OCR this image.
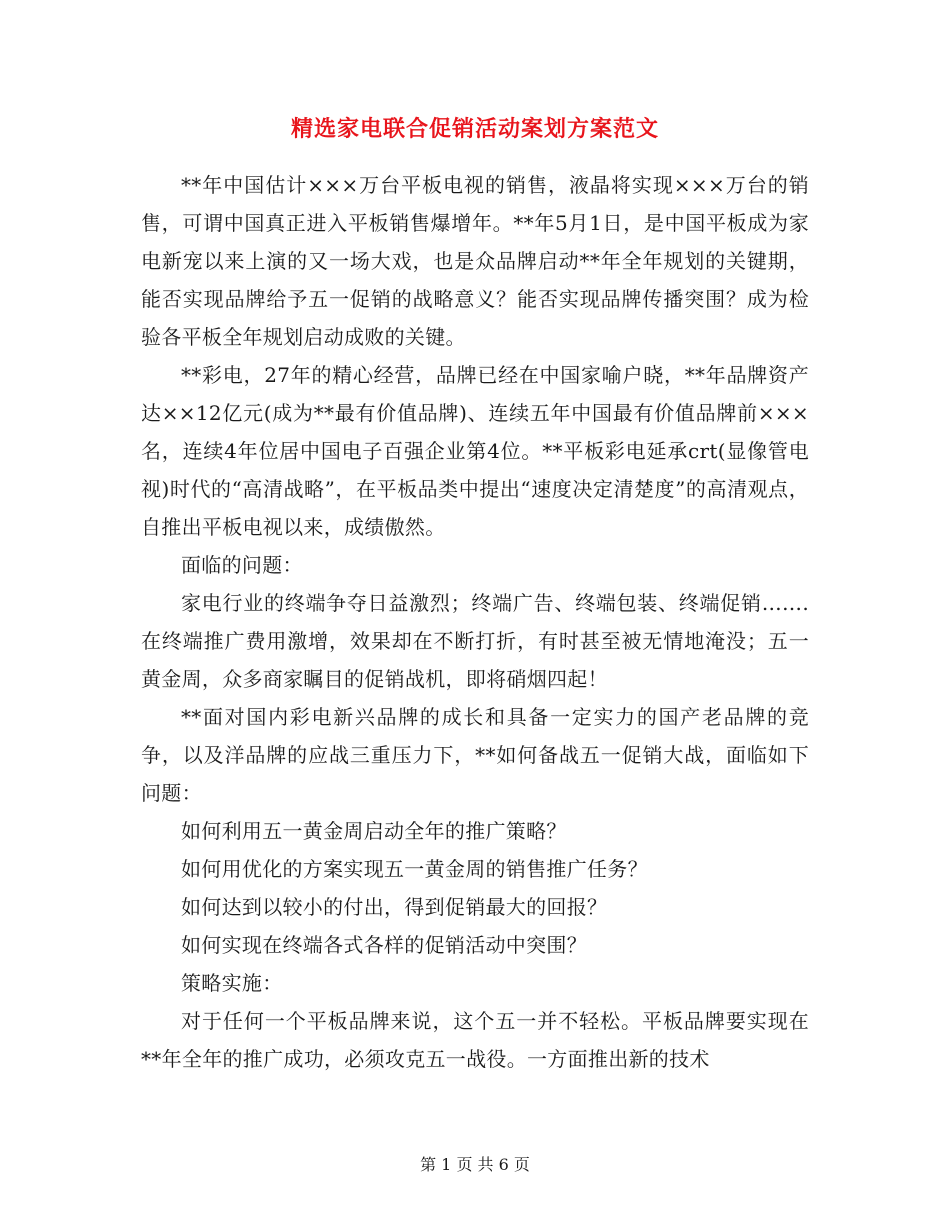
精选家电联合促销活动案划方案范文

**年中国估计×××万台平板电视的销售，液晶将实现×××万台的销售，可谓中国真正进入平板销售爆增年。**年5月1日，是中国平板成为家电新宠以来上演的又一场大戏，也是众品牌启动**年全年规划的关键期，能否实现品牌给予五一促销的战略意义？能否实现品牌传播突围？成为检验各平板全年规划启动成败的关键。

**彩电，27年的精心经营，品牌已经在中国家喻户晓，**年品牌资产达××12亿元(成为**最有价值品牌)、连续五年中国最有价值品牌前×××名，连续4年位居中国电子百强企业第4位。**平板彩电延承crt(显像管电视)时代的“高清战略”，在平板品类中提出“速度决定清楚度”的高清观点，自推出平板电视以来，成绩傲然。

面临的问题：

家电行业的终端争夺日益激烈；终端广告、终端包装、终端促销…….在终端推广费用激增，效果却在不断打折，有时甚至被无情地淹没；五一黄金周，众多商家瞩目的促销战机，即将硝烟四起！

**面对国内彩电新兴品牌的成长和具备一定实力的国产老品牌的竞争，以及洋品牌的应战三重压力下，**如何备战五一促销大战，面临如下问题：

如何利用五一黄金周启动全年的推广策略？

如何用优化的方案实现五一黄金周的销售推广任务？

如何达到以较小的付出，得到促销最大的回报？

如何实现在终端各式各样的促销活动中突围？

策略实施：

对于任何一个平板品牌来说，这个五一并不轻松。平板品牌要实现在**年全年的推广成功，必须攻克五一战役。一方面推出新的技术

第 1 页 共 6 页
